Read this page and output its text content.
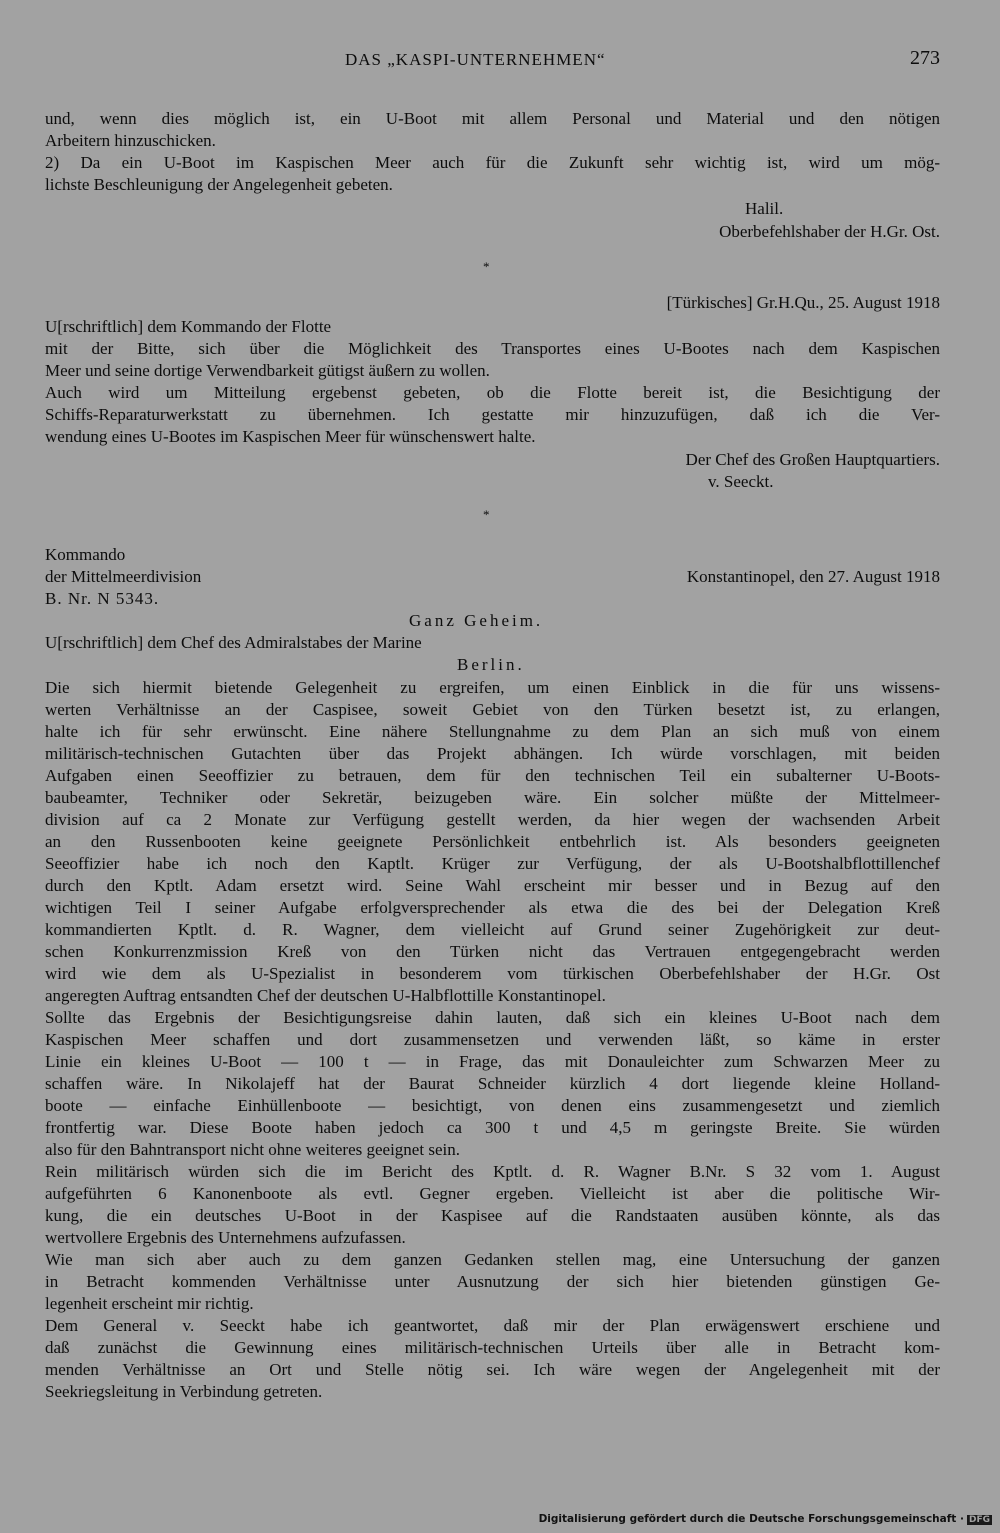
DAS „KASPI-UNTERNEHMEN“	273
und, wenn dies möglich ist, ein U-Boot mit allem Personal und Material und den nötigen
Arbeitern hinzuschicken.
2) Da ein U-Boot im Kaspischen Meer auch für die Zukunft sehr wichtig ist, wird um mög-
lichste Beschleunigung der Angelegenheit gebeten.
Halil.
Oberbefehlshaber der H.Gr. Ost.
*
[Türkisches] Gr.H.Qu., 25. August 1918
U[rschriftlich] dem Kommando der Flotte
mit der Bitte, sich über die Möglichkeit des Transportes eines U-Bootes nach dem Kaspischen
Meer und seine dortige Verwendbarkeit gütigst äußern zu wollen.
Auch wird um Mitteilung ergebenst gebeten, ob die Flotte bereit ist, die Besichtigung der
Schiffs-Reparaturwerkstatt zu übernehmen. Ich gestatte mir hinzuzufügen, daß ich die Ver-
wendung eines U-Bootes im Kaspischen Meer für wünschenswert halte.
Der Chef des Großen Hauptquartiers.
v. Seeckt.
*
Kommando
der Mittelmeerdivision	Konstantinopel, den 27. August 1918
B. Nr. N 5343.
Ganz Geheim.
U[rschriftlich] dem Chef des Admiralstabes der Marine
Berlin.
Die sich hiermit bietende Gelegenheit zu ergreifen, um einen Einblick in die für uns wissens-
werten Verhältnisse an der Caspisee, soweit Gebiet von den Türken besetzt ist, zu erlangen,
halte ich für sehr erwünscht. Eine nähere Stellungnahme zu dem Plan an sich muß von einem
militärisch-technischen Gutachten über das Projekt abhängen. Ich würde vorschlagen, mit beiden
Aufgaben einen Seeoffizier zu betrauen, dem für den technischen Teil ein subalterner U-Boots-
baubeamter, Techniker oder Sekretär, beizugeben wäre. Ein solcher müßte der Mittelmeer-
division auf ca 2 Monate zur Verfügung gestellt werden, da hier wegen der wachsenden Arbeit
an den Russenbooten keine geeignete Persönlichkeit entbehrlich ist. Als besonders geeigneten
Seeoffizier habe ich noch den Kaptlt. Krüger zur Verfügung, der als U-Bootshalbflottillenchef
durch den Kptlt. Adam ersetzt wird. Seine Wahl erscheint mir besser und in Bezug auf den
wichtigen Teil I seiner Aufgabe erfolgversprechender als etwa die des bei der Delegation Kreß
kommandierten Kptlt. d. R. Wagner, dem vielleicht auf Grund seiner Zugehörigkeit zur deut-
schen Konkurrenzmission Kreß von den Türken nicht das Vertrauen entgegengebracht werden
wird wie dem als U-Spezialist in besonderem vom türkischen Oberbefehlshaber der H.Gr. Ost
angeregten Auftrag entsandten Chef der deutschen U-Halbflottille Konstantinopel.
Sollte das Ergebnis der Besichtigungsreise dahin lauten, daß sich ein kleines U-Boot nach dem
Kaspischen Meer schaffen und dort zusammensetzen und verwenden läßt, so käme in erster
Linie ein kleines U-Boot — 100 t — in Frage, das mit Donauleichter zum Schwarzen Meer zu
schaffen wäre. In Nikolajeff hat der Baurat Schneider kürzlich 4 dort liegende kleine Holland-
boote — einfache Einhüllenboote — besichtigt, von denen eins zusammengesetzt und ziemlich
frontfertig war. Diese Boote haben jedoch ca 300 t und 4,5 m geringste Breite. Sie würden
also für den Bahntransport nicht ohne weiteres geeignet sein.
Rein militärisch würden sich die im Bericht des Kptlt. d. R. Wagner B.Nr. S 32 vom 1. August
aufgeführten 6 Kanonenboote als evtl. Gegner ergeben. Vielleicht ist aber die politische Wir-
kung, die ein deutsches U-Boot in der Kaspisee auf die Randstaaten ausüben könnte, als das
wertvollere Ergebnis des Unternehmens aufzufassen.
Wie man sich aber auch zu dem ganzen Gedanken stellen mag, eine Untersuchung der ganzen
in Betracht kommenden Verhältnisse unter Ausnutzung der sich hier bietenden günstigen Ge-
legenheit erscheint mir richtig.
Dem General v. Seeckt habe ich geantwortet, daß mir der Plan erwägenswert erschiene und
daß zunächst die Gewinnung eines militärisch-technischen Urteils über alle in Betracht kom-
menden Verhältnisse an Ort und Stelle nötig sei. Ich wäre wegen der Angelegenheit mit der
Seekriegsleitung in Verbindung getreten.
Digitalisierung gefördert durch die Deutsche Forschungsgemeinschaft · DFG
